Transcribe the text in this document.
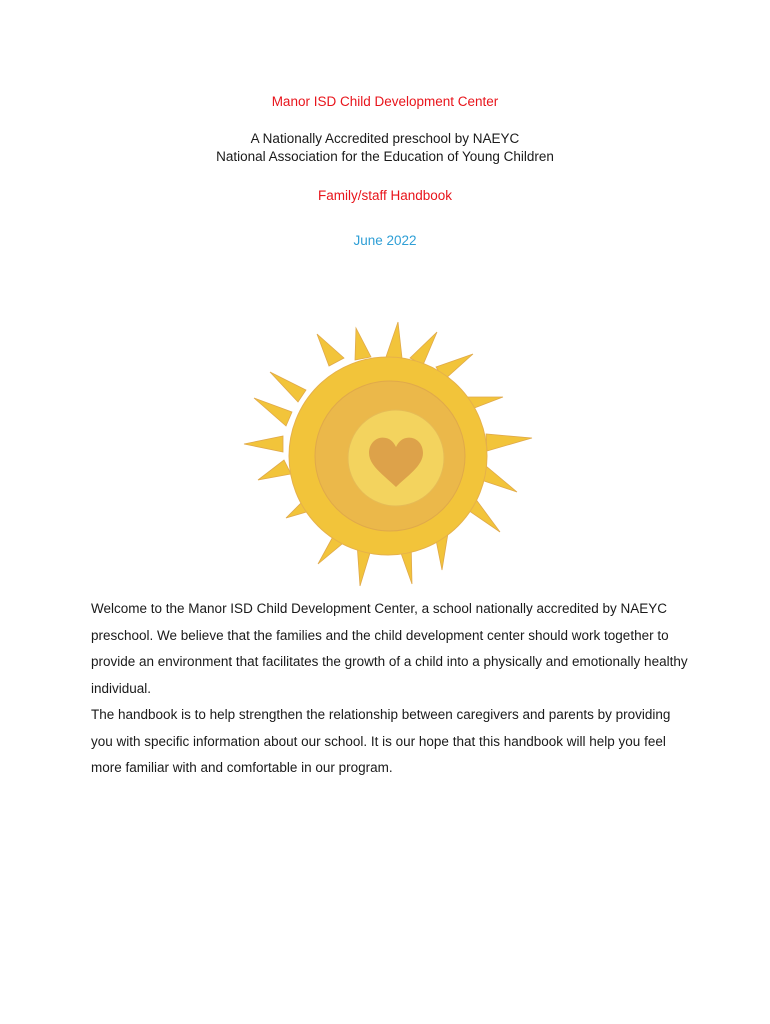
Manor ISD Child Development Center

A Nationally Accredited preschool by NAEYC

National Association for the Education of Young Children

Family/staff Handbook

June 2022

Welcome to the Manor ISD Child Development Center, a school nationally accredited by NAEYC preschool. We believe that the families and the child development center should work together to provide an environment that facilitates the growth of a child into a physically and emotionally healthy individual.

The handbook is to help strengthen the relationship between caregivers and parents by providing you with specific information about our school. It is our hope that this handbook will help you feel more familiar with and comfortable in our program.
